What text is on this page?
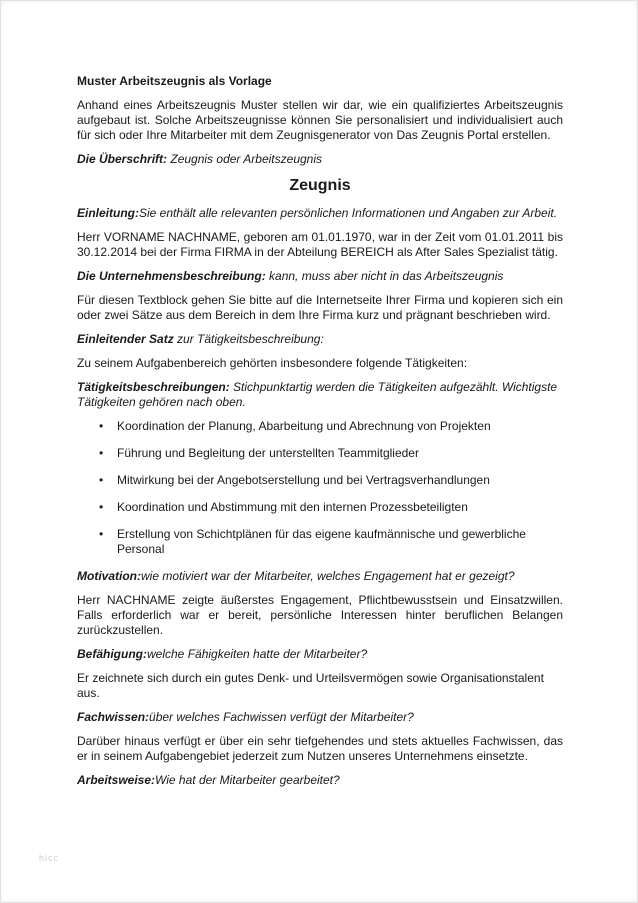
Muster Arbeitszeugnis als Vorlage

Anhand eines Arbeitszeugnis Muster stellen wir dar, wie ein qualifiziertes Arbeitszeugnis aufgebaut ist. Solche Arbeitszeugnisse können Sie personalisiert und individualisiert auch für sich oder Ihre Mitarbeiter mit dem Zeugnisgenerator von Das Zeugnis Portal erstellen.

Die Überschrift: Zeugnis oder Arbeitszeugnis
Zeugnis
Einleitung:Sie enthält alle relevanten persönlichen Informationen und Angaben zur Arbeit.

Herr VORNAME NACHNAME, geboren am 01.01.1970, war in der Zeit vom 01.01.2011 bis 30.12.2014 bei der Firma FIRMA in der Abteilung BEREICH als After Sales Spezialist tätig.

Die Unternehmensbeschreibung: kann, muss aber nicht in das Arbeitszeugnis

Für diesen Textblock gehen Sie bitte auf die Internetseite Ihrer Firma und kopieren sich ein oder zwei Sätze aus dem Bereich in dem Ihre Firma kurz und prägnant beschrieben wird.

Einleitender Satz zur Tätigkeitsbeschreibung:

Zu seinem Aufgabenbereich gehörten insbesondere folgende Tätigkeiten:

Tätigkeitsbeschreibungen: Stichpunktartig werden die Tätigkeiten aufgezählt. Wichtigste Tätigkeiten gehören nach oben.
• Koordination der Planung, Abarbeitung und Abrechnung von Projekten
• Führung und Begleitung der unterstellten Teammitglieder
• Mitwirkung bei der Angebotserstellung und bei Vertragsverhandlungen
• Koordination und Abstimmung mit den internen Prozessbeteiligten
• Erstellung von Schichtplänen für das eigene kaufmännische und gewerbliche Personal
Motivation:wie motiviert war der Mitarbeiter, welches Engagement hat er gezeigt?

Herr NACHNAME zeigte äußerstes Engagement, Pflichtbewusstsein und Einsatzwillen. Falls erforderlich war er bereit, persönliche Interessen hinter beruflichen Belangen zurückzustellen.

Befähigung:welche Fähigkeiten hatte der Mitarbeiter?

Er zeichnete sich durch ein gutes Denk- und Urteilsvermögen sowie Organisationstalent aus.

Fachwissen:über welches Fachwissen verfügt der Mitarbeiter?

Darüber hinaus verfügt er über ein sehr tiefgehendes und stets aktuelles Fachwissen, das er in seinem Aufgabengebiet jederzeit zum Nutzen unseres Unternehmens einsetzte.

Arbeitsweise:Wie hat der Mitarbeiter gearbeitet?
hicc
